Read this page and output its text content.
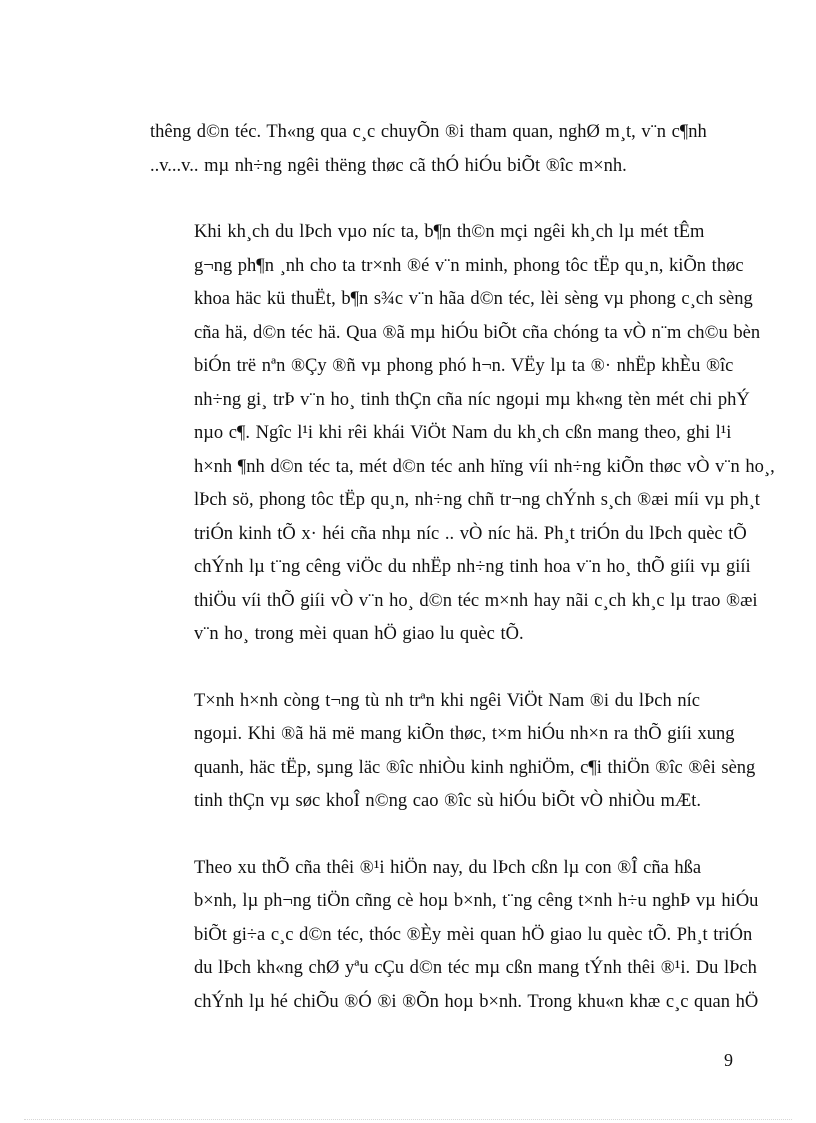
thêng d©n téc. Th«ng qua c¸c chuyÕn ®i tham quan, nghØ m¸t, v¨n c¶nh
..v...v.. mµ nh÷ng ngêi thëng thøc cã thÓ hiÓu biÕt ®îc m×nh.

Khi kh¸ch du lÞch vµo níc ta, b¶n th©n mçi ngêi kh¸ch lµ mét tÊm
g¬ng ph¶n ¸nh cho ta tr×nh ®é v¨n minh, phong tôc tËp qu¸n, kiÕn thøc
khoa häc kü thuËt, b¶n s¾c v¨n hãa d©n téc, lèi sèng vµ phong c¸ch sèng
cña hä, d©n téc hä. Qua ®ã mµ hiÓu biÕt cña chóng ta vÒ n¨m ch©u bèn
biÓn trë nªn ®Çy ®ñ vµ phong phó h¬n. VËy lµ ta ®· nhËp khÈu ®îc
nh÷ng gi¸ trÞ v¨n ho¸ tinh thÇn cña níc ngoµi mµ kh«ng tèn mét chi phÝ
nµo c¶. Ngîc l¹i khi rêi khái ViÖt Nam du kh¸ch cßn mang theo, ghi l¹i
h×nh ¶nh d©n téc ta, mét d©n téc anh hïng víi nh÷ng kiÕn thøc vÒ v¨n ho¸,
lÞch sö, phong tôc tËp qu¸n, nh÷ng chñ tr¬ng chÝnh s¸ch ®æi míi vµ ph¸t
triÓn kinh tÕ x· héi cña nhµ níc .. vÒ níc hä. Ph¸t triÓn du lÞch quèc tÕ
chÝnh lµ t¨ng cêng viÖc du nhËp nh÷ng tinh hoa v¨n ho¸ thÕ giíi vµ giíi
thiÖu víi thÕ giíi vÒ v¨n ho¸ d©n téc m×nh hay nãi c¸ch kh¸c lµ trao ®æi
v¨n ho¸ trong mèi quan hÖ giao lu quèc tÕ.

T×nh h×nh còng t¬ng tù nh trªn khi ngêi ViÖt Nam ®i du lÞch níc
ngoµi. Khi ®ã hä më mang kiÕn thøc, t×m hiÓu nh×n ra thÕ giíi xung
quanh, häc tËp, sµng läc ®îc nhiÒu kinh nghiÖm, c¶i thiÖn ®îc ®êi sèng
tinh thÇn vµ søc khoÎ n©ng cao ®îc sù hiÓu biÕt vÒ nhiÒu mÆt.

Theo xu thÕ cña thêi ®¹i hiÖn nay, du lÞch cßn lµ con ®Î cña hßa
b×nh, lµ ph¬ng tiÖn cñng cè hoµ b×nh, t¨ng cêng t×nh h÷u nghÞ vµ hiÓu
biÕt gi÷a c¸c d©n téc, thóc ®Èy mèi quan hÖ giao lu quèc tÕ. Ph¸t triÓn
du lÞch kh«ng chØ yªu cÇu d©n téc mµ cßn mang tÝnh thêi ®¹i. Du lÞch
chÝnh lµ hé chiÕu ®Ó ®i ®Õn hoµ b×nh. Trong khu«n khæ c¸c quan hÖ

9
